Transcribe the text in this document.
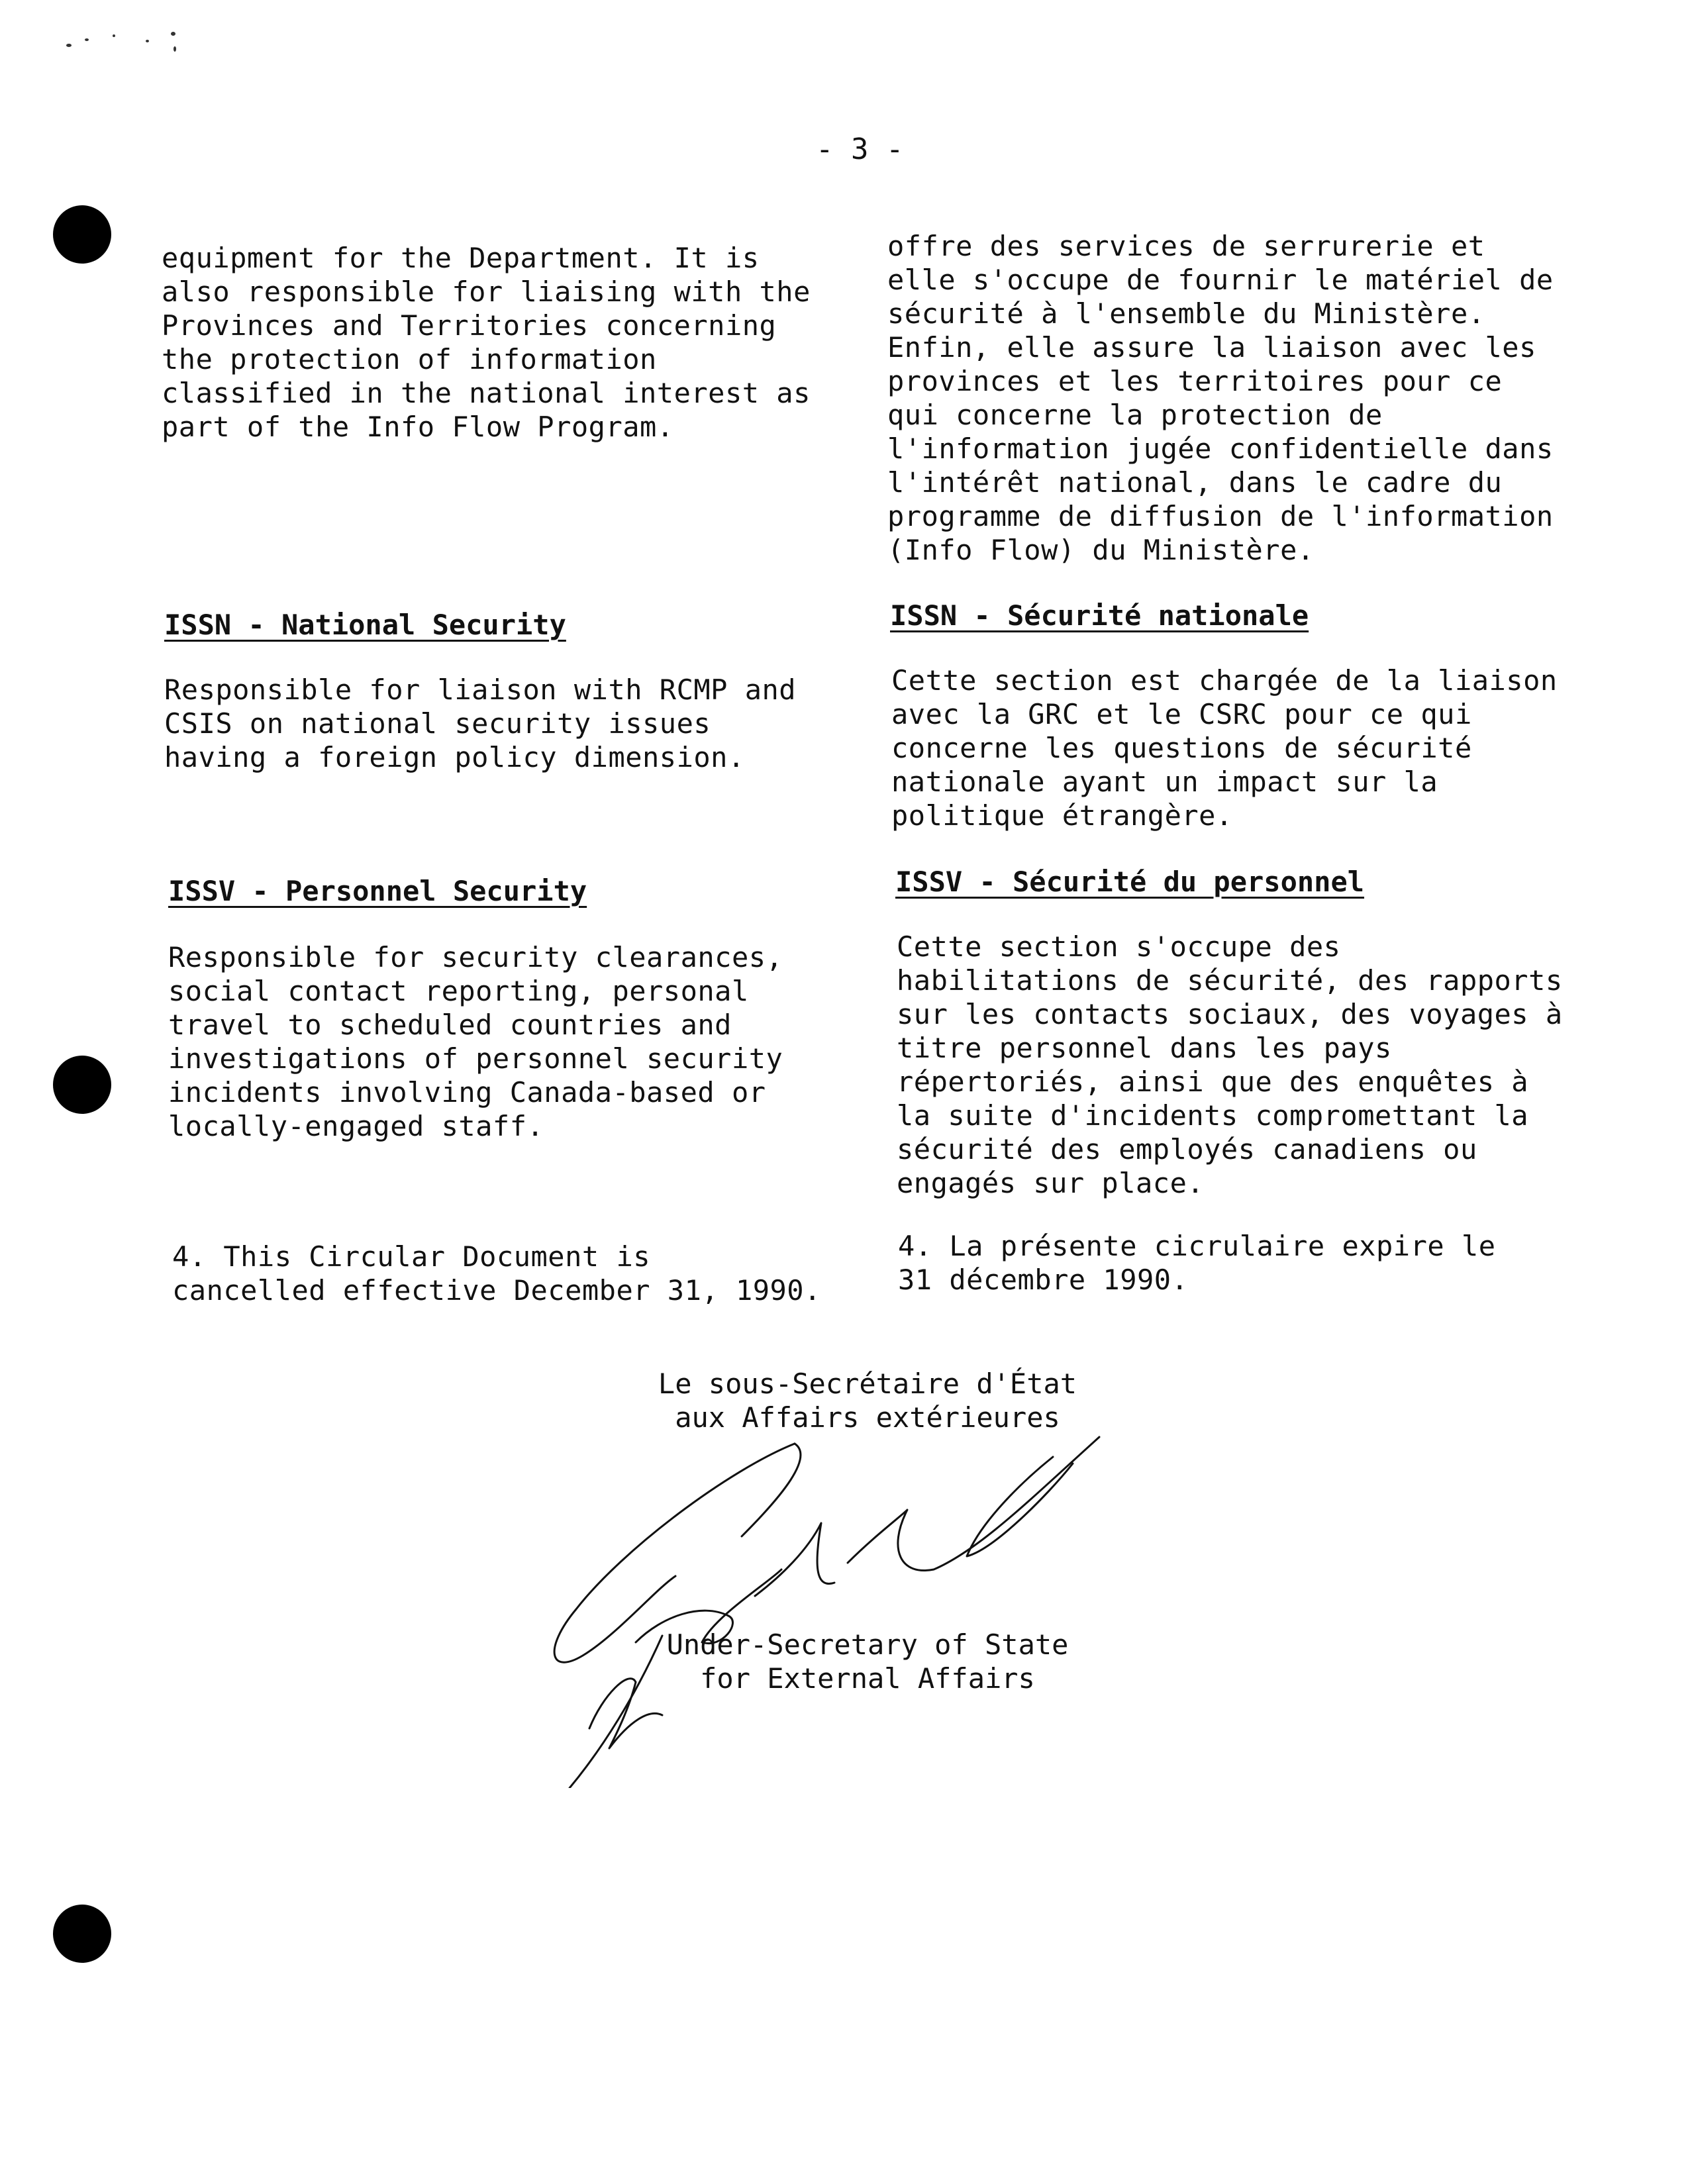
- 3 -
equipment for the Department. It is
also responsible for liaising with the
Provinces and Territories concerning
the protection of information
classified in the national interest as
part of the Info Flow Program.
ISSN - National Security
Responsible for liaison with RCMP and
CSIS on national security issues
having a foreign policy dimension.
ISSV - Personnel Security
Responsible for security clearances,
social contact reporting, personal
travel to scheduled countries and
investigations of personnel security
incidents involving Canada-based or
locally-engaged staff.
4. This Circular Document is
cancelled effective December 31, 1990.
offre des services de serrurerie et
elle s'occupe de fournir le matériel de
sécurité à l'ensemble du Ministère.
Enfin, elle assure la liaison avec les
provinces et les territoires pour ce
qui concerne la protection de
l'information jugée confidentielle dans
l'intérêt national, dans le cadre du
programme de diffusion de l'information
(Info Flow) du Ministère.
ISSN - Sécurité nationale
Cette section est chargée de la liaison
avec la GRC et le CSRC pour ce qui
concerne les questions de sécurité
nationale ayant un impact sur la
politique étrangère.
ISSV - Sécurité du personnel
Cette section s'occupe des
habilitations de sécurité, des rapports
sur les contacts sociaux, des voyages à
titre personnel dans les pays
répertoriés, ainsi que des enquêtes à
la suite d'incidents compromettant la
sécurité des employés canadiens ou
engagés sur place.
4. La présente cicrulaire expire le
31 décembre 1990.
Le sous-Secrétaire d'État
aux Affairs extérieures
Under-Secretary of State
for External Affairs
